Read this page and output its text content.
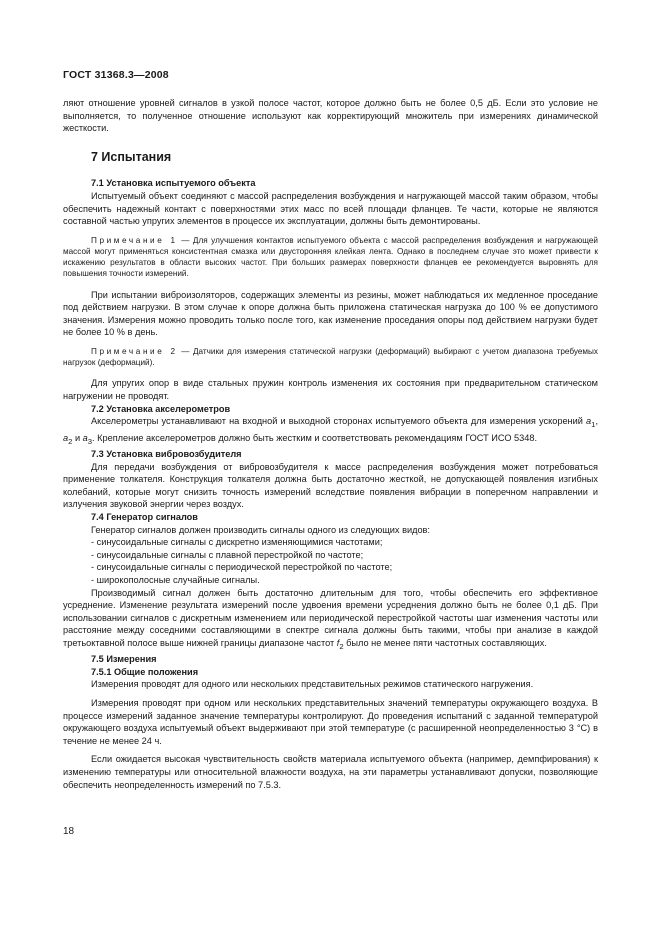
ГОСТ 31368.3—2008

ляют отношение уровней сигналов в узкой полосе частот, которое должно быть не более 0,5 дБ. Если это условие не выполняется, то полученное отношение используют как корректирующий множитель при измерениях динамической жесткости.

7 Испытания
7.1 Установка испытуемого объекта

Испытуемый объект соединяют с массой распределения возбуждения и нагружающей массой таким образом, чтобы обеспечить надежный контакт с поверхностями этих масс по всей площади фланцев. Те части, которые не являются составной частью упругих элементов в процессе их эксплуатации, должны быть демонтированы.

Примечание 1 — Для улучшения контактов испытуемого объекта с массой распределения возбуждения и нагружающей массой могут применяться консистентная смазка или двусторонняя клейкая лента. Однако в последнем случае это может привести к искажению результатов в области высоких частот. При больших размерах поверхности фланцев ее рекомендуется выровнять для повышения точности измерений.

При испытании виброизоляторов, содержащих элементы из резины, может наблюдаться их медленное проседание под действием нагрузки. В этом случае к опоре должна быть приложена статическая нагрузка до 100 % ее допустимого значения. Измерения можно проводить только после того, как изменение проседания опоры под действием нагрузки будет не более 10 % в день.

Примечание 2 — Датчики для измерения статической нагрузки (деформаций) выбирают с учетом диапазона требуемых нагрузок (деформаций).

Для упругих опор в виде стальных пружин контроль изменения их состояния при предварительном статическом нагружении не проводят.

7.2 Установка акселерометров

Акселерометры устанавливают на входной и выходной сторонах испытуемого объекта для измерения ускорений $a_1$, $a_2$ и $a_3$. Крепление акселерометров должно быть жестким и соответствовать рекомендациям ГОСТ ИСО 5348.

7.3 Установка вибровозбудителя

Для передачи возбуждения от вибровозбудителя к массе распределения возбуждения может потребоваться применение толкателя. Конструкция толкателя должна быть достаточно жесткой, не допускающей появления изгибных колебаний, которые могут снизить точность измерений вследствие появления вибрации в поперечном направлении и излучения звуковой энергии через воздух.

7.4 Генератор сигналов

Генератор сигналов должен производить сигналы одного из следующих видов:

- синусоидальные сигналы с дискретно изменяющимися частотами;

- синусоидальные сигналы с плавной перестройкой по частоте;

- синусоидальные сигналы с периодической перестройкой по частоте;

- широкополосные случайные сигналы.

Производимый сигнал должен быть достаточно длительным для того, чтобы обеспечить его эффективное усреднение. Изменение результата измерений после удвоения времени усреднения должно быть не более 0,1 дБ. При использовании сигналов с дискретным изменением или периодической перестройкой частоты шаг изменения частоты или расстояние между соседними составляющими в спектре сигнала должны быть такими, чтобы при анализе в каждой третьоктавной полосе выше нижней границы диапазоне частот $f_2$ было не менее пяти частотных составляющих.

7.5 Измерения
7.5.1 Общие положения

Измерения проводят для одного или нескольких представительных режимов статического нагружения.

Измерения проводят при одном или нескольких представительных значений температуры окружающего воздуха. В процессе измерений заданное значение температуры контролируют. До проведения испытаний с заданной температурой окружающего воздуха испытуемый объект выдерживают при этой температуре (с расширенной неопределенностью 3 °С) в течение не менее 24 ч.

Если ожидается высокая чувствительность свойств материала испытуемого объекта (например, демпфирования) к изменению температуры или относительной влажности воздуха, на эти параметры устанавливают допуски, позволяющие обеспечить неопределенность измерений по 7.5.3.

18
